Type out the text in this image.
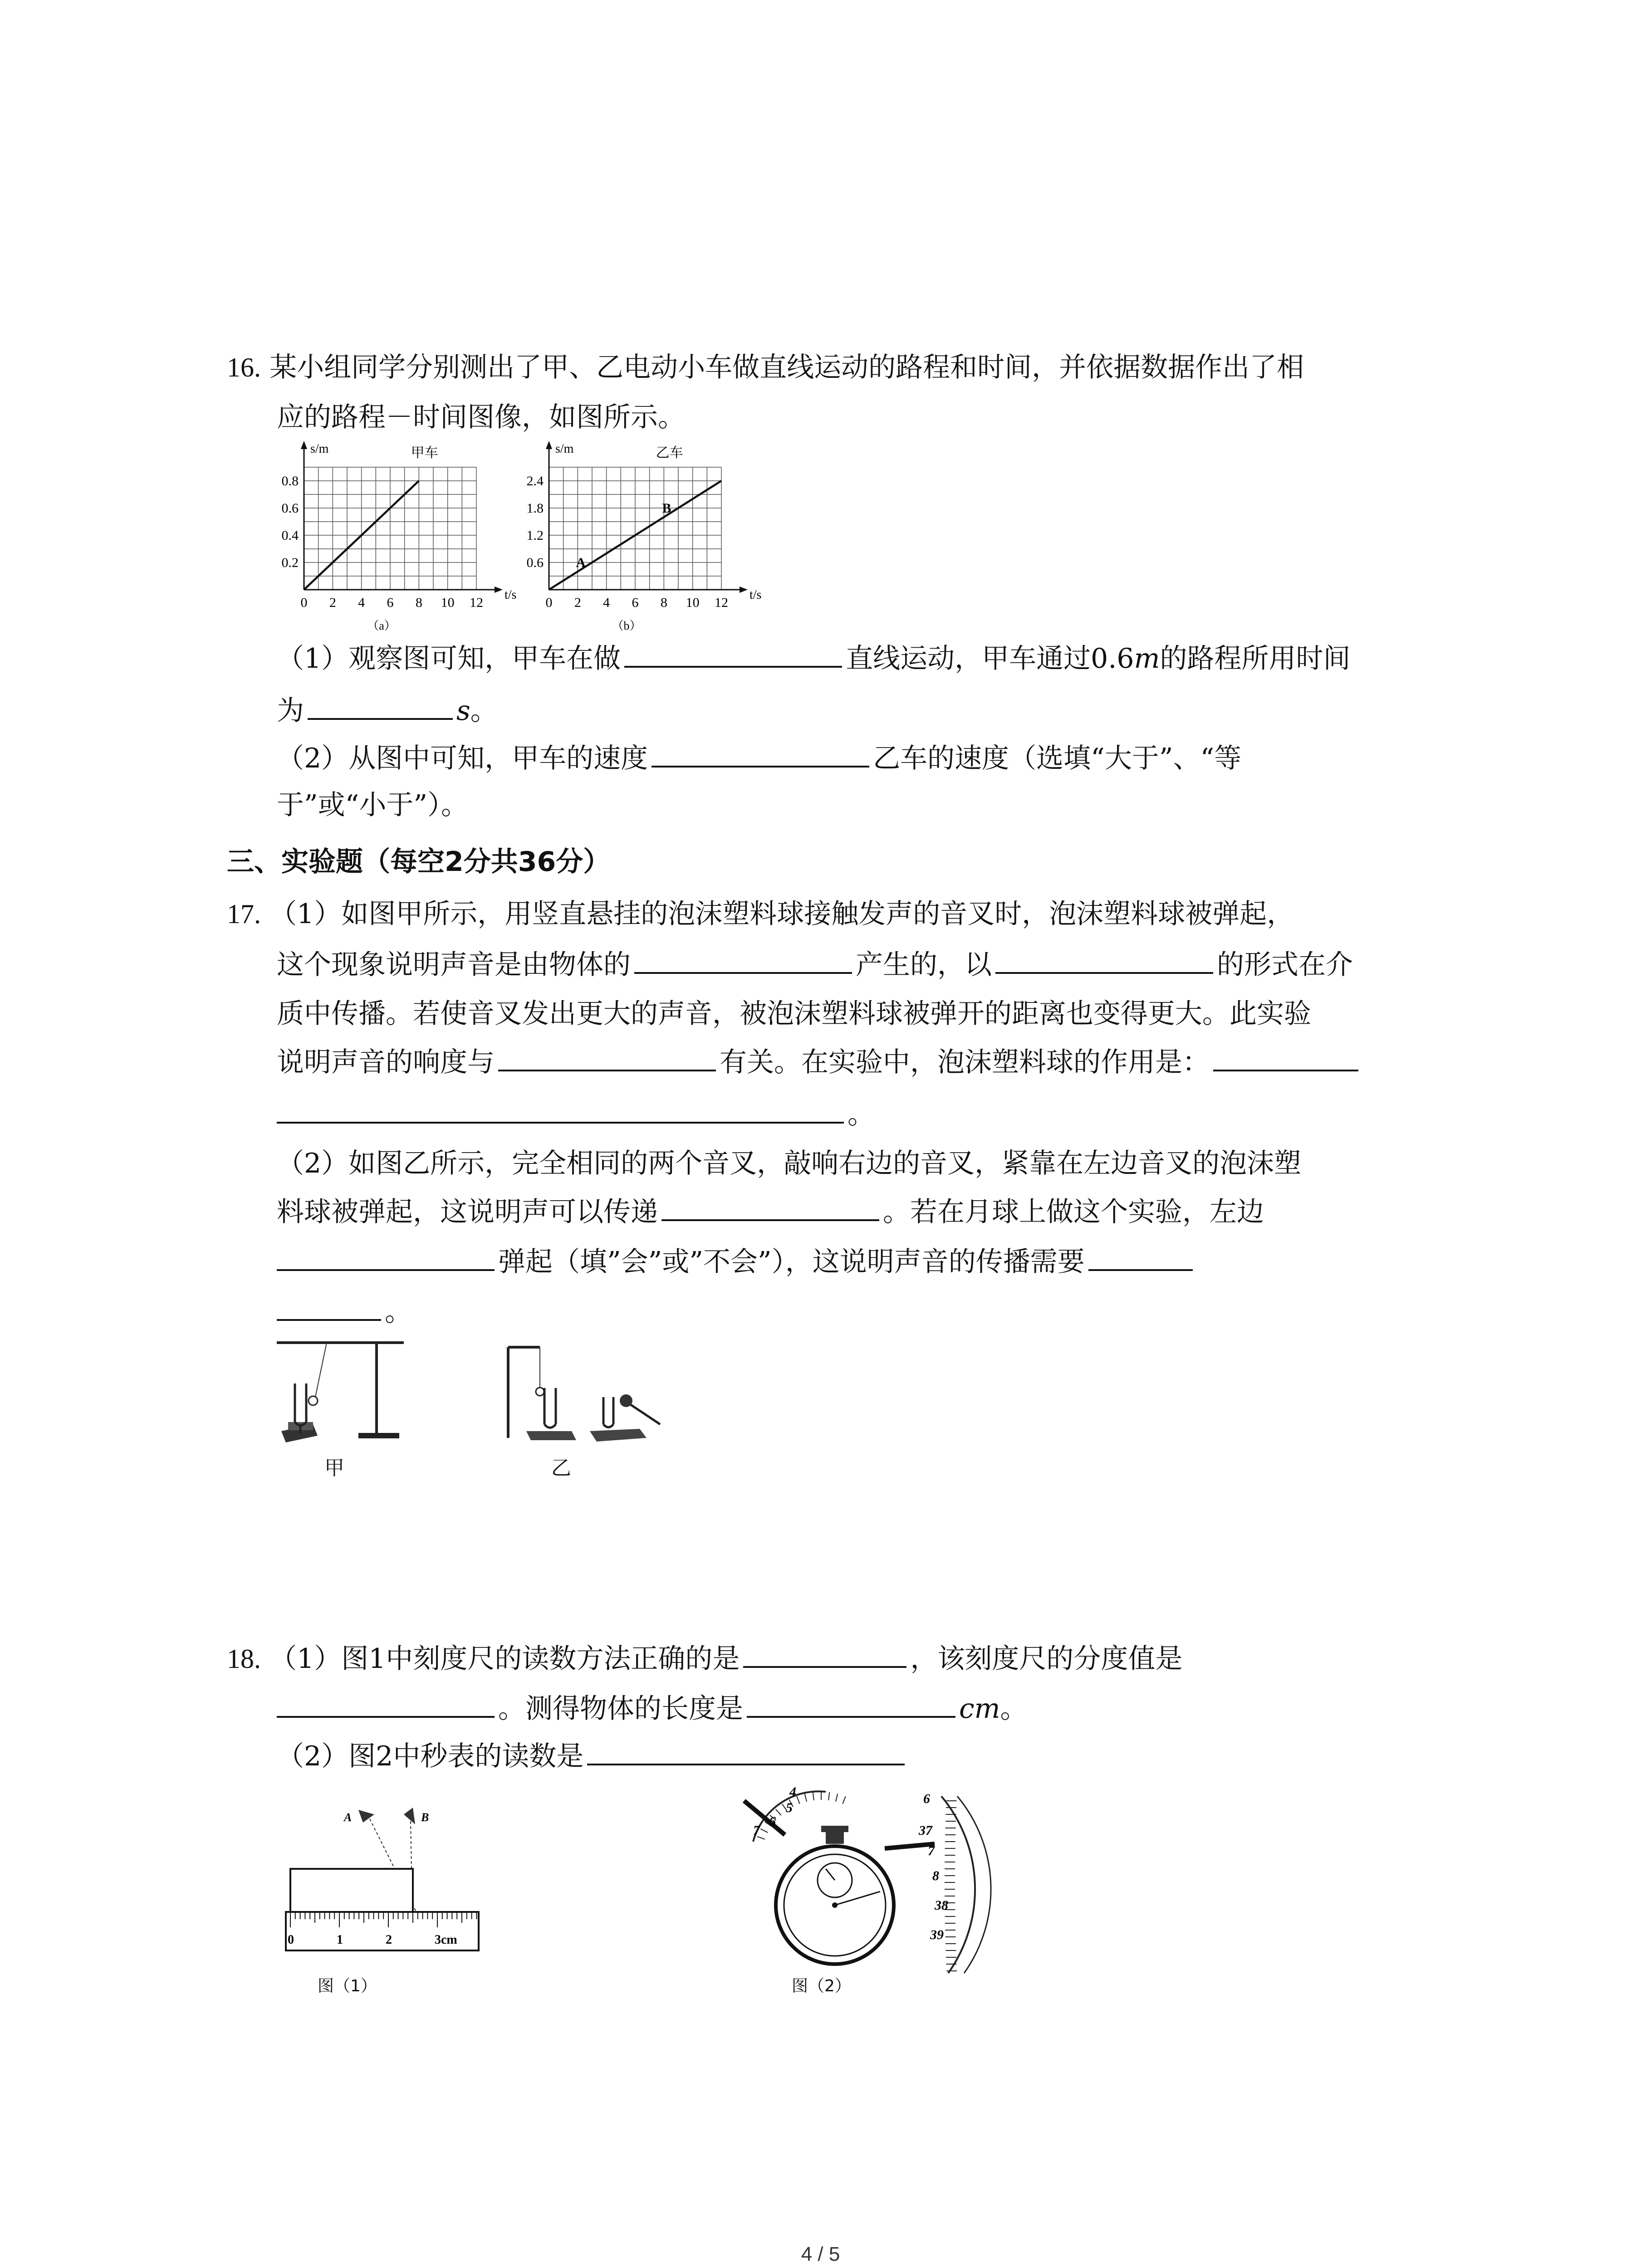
16. 某小组同学分别测出了甲、乙电动小车做直线运动的路程和时间，并依据数据作出了相
应的路程－时间图像，如图所示。
0 2 4 6 8 10 12
0.2
0.4
0.6
0.8
t/s
s/m	甲车
（a）
0 2 4 6 8 10 12
0.6
1.2
1.8
2.4
t/s
s/m	乙车
（b）
A
B
（1）观察图可知，甲车在做	直线运动，甲车通过0.6m的路程所用时间
为	s。
（2）从图中可知，甲车的速度	乙车的速度（选填“大于”、“等
于”或“小于”）。
三、实验题（每空2分共36分）
17. （1）如图甲所示，用竖直悬挂的泡沫塑料球接触发声的音叉时，泡沫塑料球被弹起，
这个现象说明声音是由物体的	产生的，以	的形式在介
质中传播。若使音叉发出更大的声音，被泡沫塑料球被弹开的距离也变得更大。此实验
说明声音的响度与	有关。在实验中，泡沫塑料球的作用是：
。
（2）如图乙所示，完全相同的两个音叉，敲响右边的音叉，紧靠在左边音叉的泡沫塑
料球被弹起，这说明声可以传递	。若在月球上做这个实验，左边
弹起（填”会”或”不会”），这说明声音的传播需要
。
甲	乙
18. （1）图1中刻度尺的读数方法正确的是	，该刻度尺的分度值是
。测得物体的长度是	cm。
（2）图2中秒表的读数是
A	B
0	1	2	3cm
图（1）
4
5
6
7
6
37
7
8
38
39
图（2）
4 / 5
